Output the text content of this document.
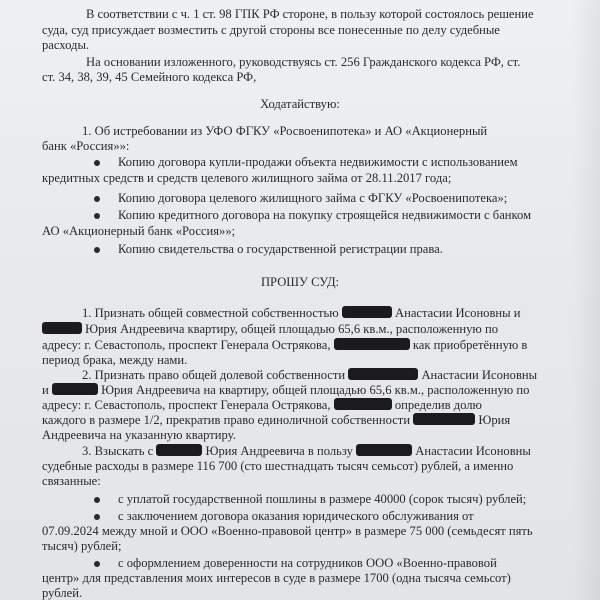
В соответствии с ч. 1 ст. 98 ГПК РФ стороне, в пользу которой состоялось решение
суда, суд присуждает возместить с другой стороны все понесенные по делу судебные
расходы.
На основании изложенного, руководствуясь ст. 256 Гражданского кодекса РФ, ст.
ст. 34, 38, 39, 45 Семейного кодекса РФ,
Ходатайствую:
1. Об истребовании из УФО ФГКУ «Росвоенипотека» и АО «Акционерный
банк «Россия»»:
Копию договора купли-продажи объекта недвижимости с использованием
кредитных средств и средств целевого жилищного займа от 28.11.2017 года;
Копию договора целевого жилищного займа с ФГКУ «Росвоенипотека»;
Копию кредитного договора на покупку строящейся недвижимости с банком
АО «Акционерный банк «Россия»»;
Копию свидетельства о государственной регистрации права.
ПРОШУ СУД:
1. Признать общей совместной собственностью	Анастасии Исоновны и
Юрия Андреевича квартиру, общей площадью 65,6 кв.м., расположенную по
адресу: г. Севастополь, проспект Генерала Острякова,	как приобретённую в
период брака, между нами.
2. Признать право общей долевой собственности	Анастасии Исоновны
и	Юрия Андреевича на квартиру, общей площадью 65,6 кв.м., расположенную по
адресу: г. Севастополь, проспект Генерала Острякова,	определив долю
каждого в размере 1/2, прекратив право единоличной собственности	Юрия
Андреевича на указанную квартиру.
3. Взыскать с	Юрия Андреевича в пользу	Анастасии Исоновны
судебные расходы в размере 116 700 (сто шестнадцать тысяч семьсот) рублей, а именно
связанные:
с уплатой государственной пошлины в размере 40000 (сорок тысяч) рублей;
с заключением договора оказания юридического обслуживания от
07.09.2024 между мной и ООО «Военно-правовой центр» в размере 75 000 (семьдесят пять
тысяч) рублей;
с оформлением доверенности на сотрудников ООО «Военно-правовой
центр» для представления моих интересов в суде в размере 1700 (одна тысяча семьсот)
рублей.
